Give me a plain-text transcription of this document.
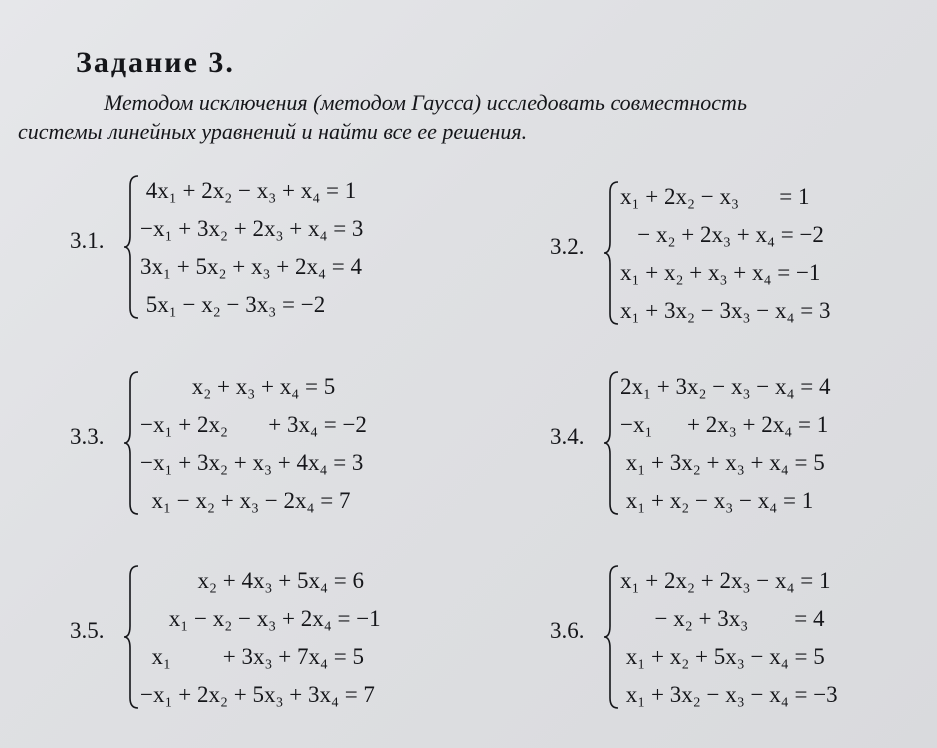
Задание 3.
Методом исключения (методом Гаусса) исследовать совместность
системы линейных уравнений и найти все ее решения.
3.1.
4x₁ + 2x₂ − x₃ + x₄ = 1
−x₁ + 3x₂ + 2x₃ + x₄ = 3
3x₁ + 5x₂ + x₃ + 2x₄ = 4
5x₁ − x₂ − 3x₃ = −2
3.2.
x₁ + 2x₂ − x₃       = 1
− x₂ + 2x₃ + x₄ = −2
x₁ + x₂ + x₃ + x₄ = −1
x₁ + 3x₂ − 3x₃ − x₄ = 3
3.3.
x₂ + x₃ + x₄ = 5
−x₁ + 2x₂       + 3x₄ = −2
−x₁ + 3x₂ + x₃ + 4x₄ = 3
x₁ − x₂ + x₃ − 2x₄ = 7
3.4.
2x₁ + 3x₂ − x₃ − x₄ = 4
−x₁      + 2x₃ + 2x₄ = 1
x₁ + 3x₂ + x₃ + x₄ = 5
x₁ + x₂ − x₃ − x₄ = 1
3.5.
x₂ + 4x₃ + 5x₄ = 6
x₁ − x₂ − x₃ + 2x₄ = −1
x₁         + 3x₃ + 7x₄ = 5
−x₁ + 2x₂ + 5x₃ + 3x₄ = 7
3.6.
x₁ + 2x₂ + 2x₃ − x₄ = 1
− x₂ + 3x₃        = 4
x₁ + x₂ + 5x₃ − x₄ = 5
x₁ + 3x₂ − x₃ − x₄ = −3
